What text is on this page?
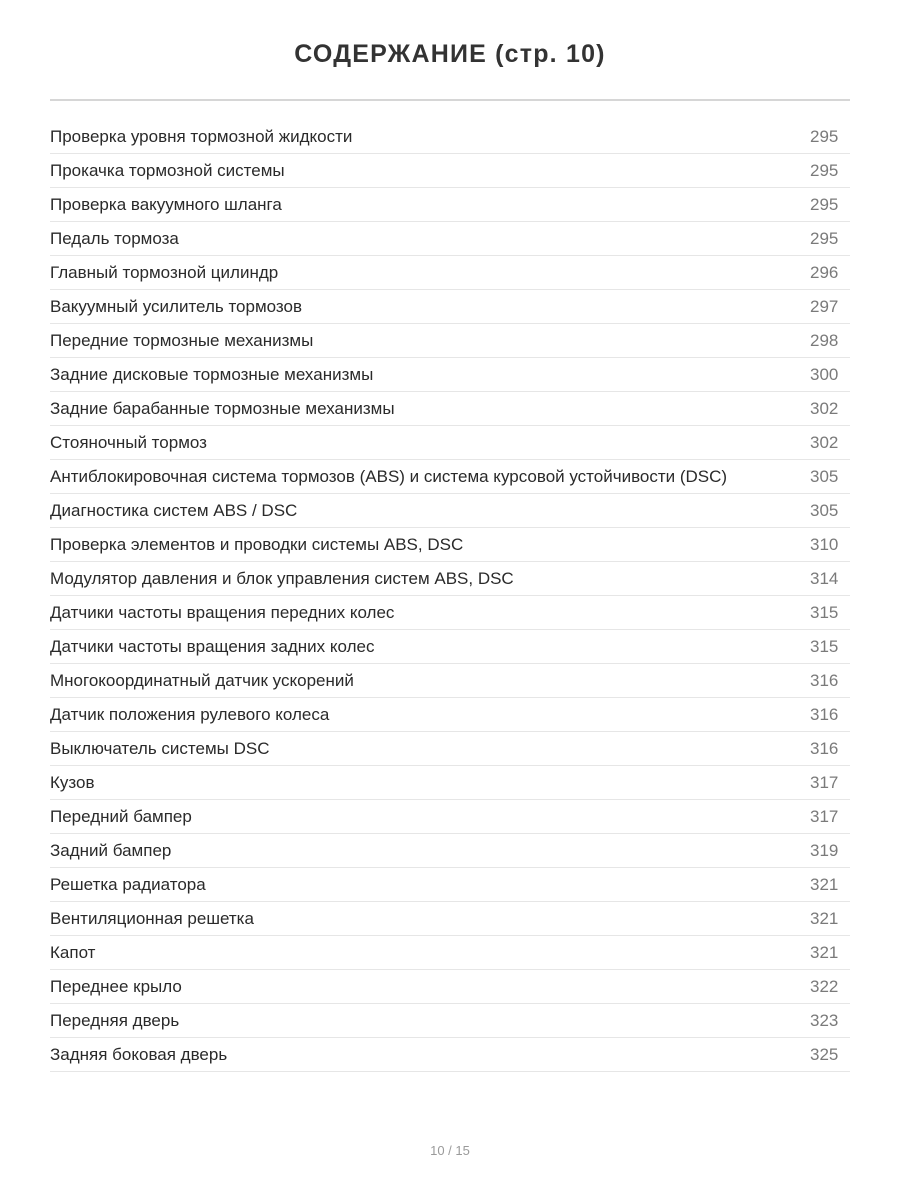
СОДЕРЖАНИЕ (стр. 10)
Проверка уровня тормозной жидкости	295
Прокачка тормозной системы	295
Проверка вакуумного шланга	295
Педаль тормоза	295
Главный тормозной цилиндр	296
Вакуумный усилитель тормозов	297
Передние тормозные механизмы	298
Задние дисковые тормозные механизмы	300
Задние барабанные тормозные механизмы	302
Стояночный тормоз	302
Антиблокировочная система тормозов (ABS) и система курсовой устойчивости (DSC)	305
Диагностика систем ABS / DSC	305
Проверка элементов и проводки системы ABS, DSC	310
Модулятор давления и блок управления систем ABS, DSC	314
Датчики частоты вращения передних колес	315
Датчики частоты вращения задних колес	315
Многокоординатный датчик ускорений	316
Датчик положения рулевого колеса	316
Выключатель системы DSC	316
Кузов	317
Передний бампер	317
Задний бампер	319
Решетка радиатора	321
Вентиляционная решетка	321
Капот	321
Переднее крыло	322
Передняя дверь	323
Задняя боковая дверь	325
10 / 15
